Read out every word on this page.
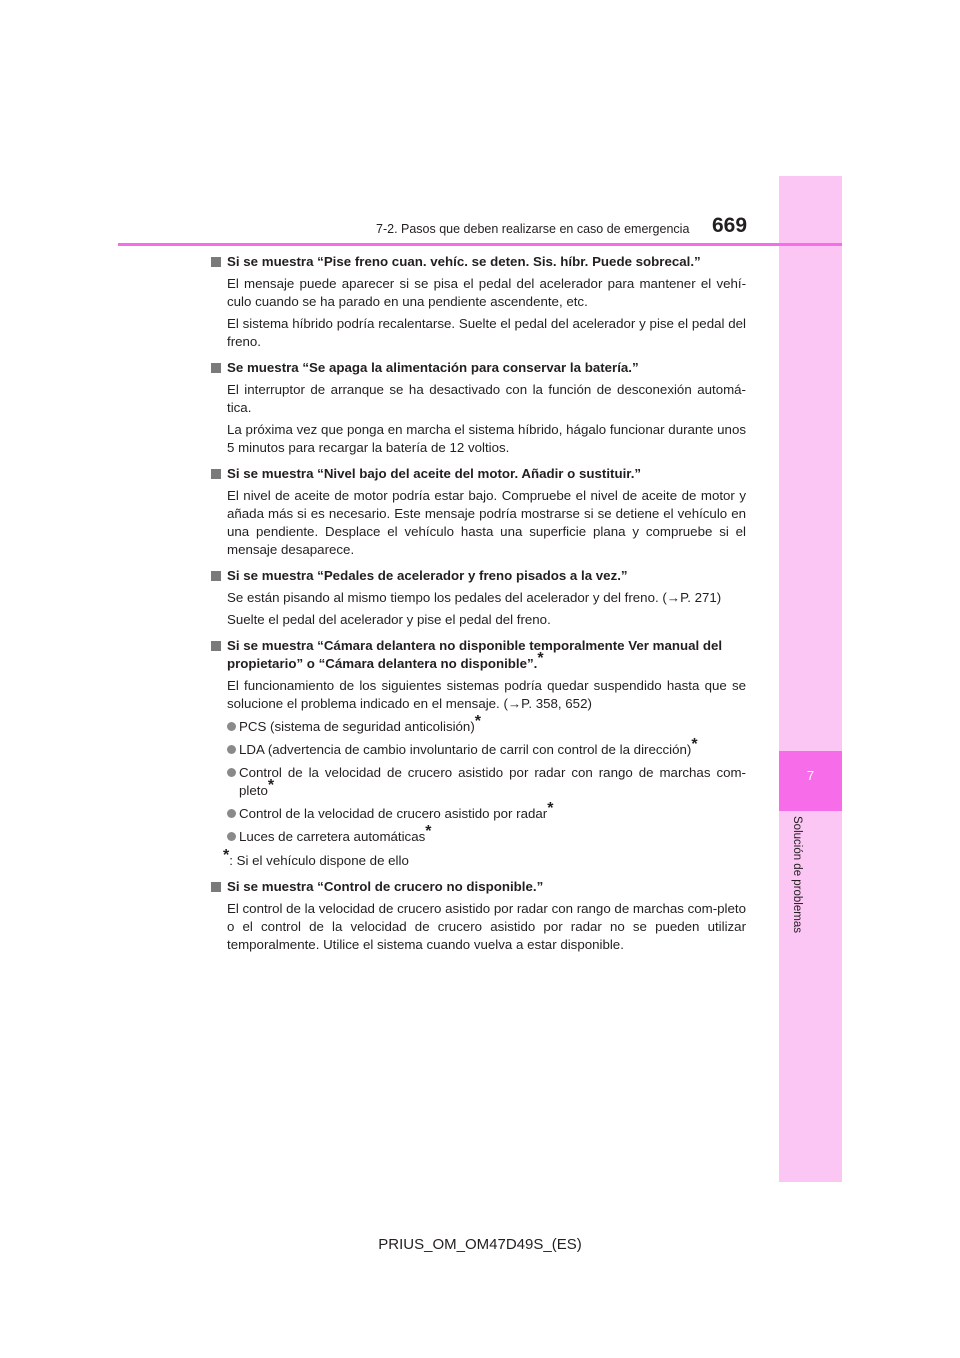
7
Solución de problemas
7-2. Pasos que deben realizarse en caso de emergencia 669

Si se muestra “Pise freno cuan. vehíc. se deten. Sis. híbr. Puede sobrecal.”

El mensaje puede aparecer si se pisa el pedal del acelerador para mantener el vehí-culo cuando se ha parado en una pendiente ascendente, etc.

El sistema híbrido podría recalentarse. Suelte el pedal del acelerador y pise el pedal del freno.

Se muestra “Se apaga la alimentación para conservar la batería.”

El interruptor de arranque se ha desactivado con la función de desconexión automá-tica.

La próxima vez que ponga en marcha el sistema híbrido, hágalo funcionar durante unos 5 minutos para recargar la batería de 12 voltios.

Si se muestra “Nivel bajo del aceite del motor. Añadir o sustituir.”

El nivel de aceite de motor podría estar bajo. Compruebe el nivel de aceite de motor y añada más si es necesario. Este mensaje podría mostrarse si se detiene el vehículo en una pendiente. Desplace el vehículo hasta una superficie plana y compruebe si el mensaje desaparece.

Si se muestra “Pedales de acelerador y freno pisados a la vez.”

Se están pisando al mismo tiempo los pedales del acelerador y del freno. (→P. 271)

Suelte el pedal del acelerador y pise el pedal del freno.

Si se muestra “Cámara delantera no disponible temporalmente Ver manual del propietario” o “Cámara delantera no disponible”.*

El funcionamiento de los siguientes sistemas podría quedar suspendido hasta que se solucione el problema indicado en el mensaje. (→P. 358, 652)

PCS (sistema de seguridad anticolisión)*

LDA (advertencia de cambio involuntario de carril con control de la dirección)*

Control de la velocidad de crucero asistido por radar con rango de marchas com-pleto*

Control de la velocidad de crucero asistido por radar*

Luces de carretera automáticas*

*: Si el vehículo dispone de ello

Si se muestra “Control de crucero no disponible.”

El control de la velocidad de crucero asistido por radar con rango de marchas com-pleto o el control de la velocidad de crucero asistido por radar no se pueden utilizar temporalmente. Utilice el sistema cuando vuelva a estar disponible.

PRIUS_OM_OM47D49S_(ES)
